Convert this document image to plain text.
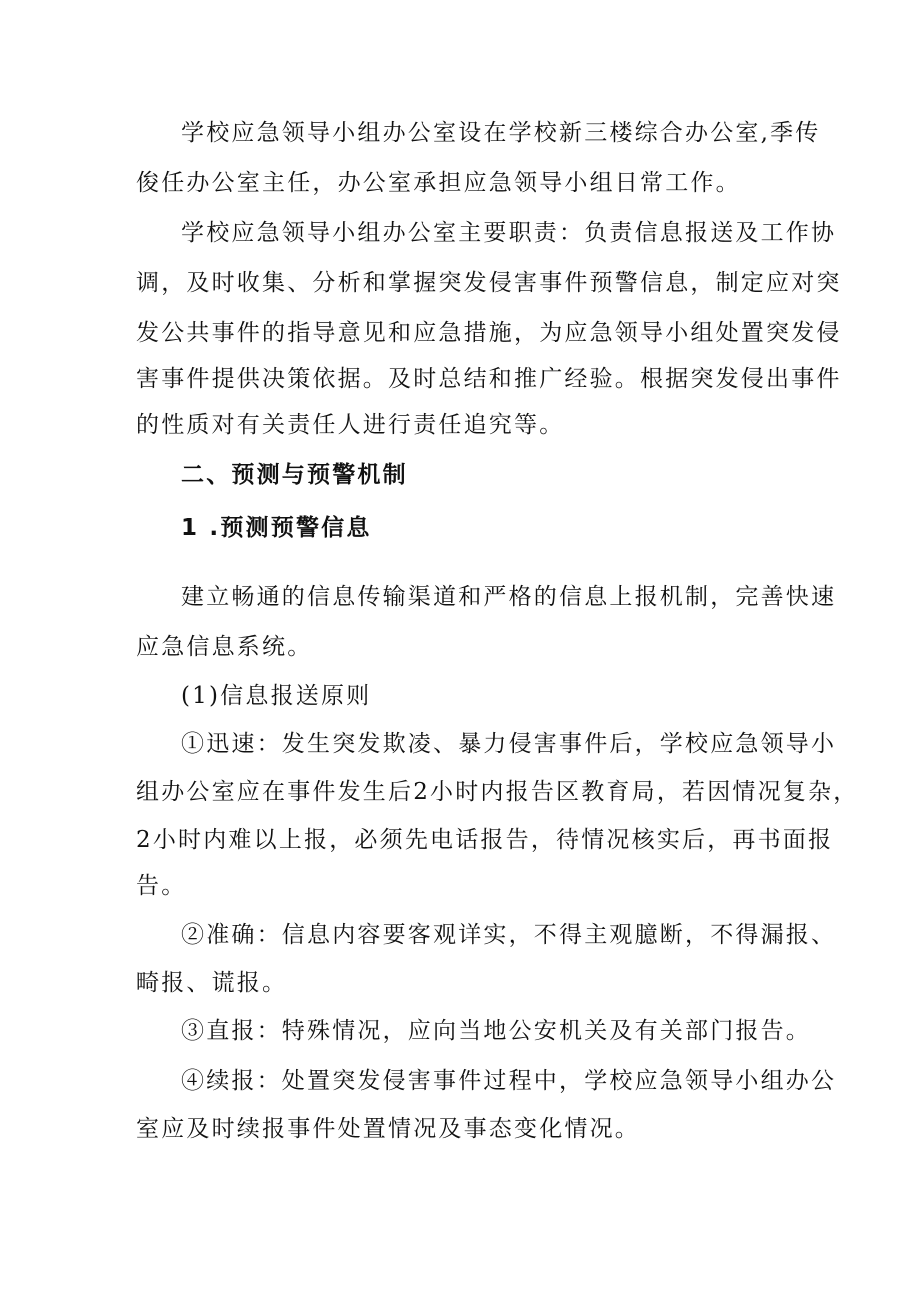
学校应急领导小组办公室设在学校新三楼综合办公室,季传
俊任办公室主任，办公室承担应急领导小组日常工作。
学校应急领导小组办公室主要职责：负责信息报送及工作协
调，及时收集、分析和掌握突发侵害事件预警信息，制定应对突
发公共事件的指导意见和应急措施，为应急领导小组处置突发侵
害事件提供决策依据。及时总结和推广经验。根据突发侵出事件
的性质对有关责任人进行责任追究等。
二、预测与预警机制
1 .预测预警信息
建立畅通的信息传输渠道和严格的信息上报机制，完善快速
应急信息系统。
(1)信息报送原则
①迅速：发生突发欺凌、暴力侵害事件后，学校应急领导小
组办公室应在事件发生后2小时内报告区教育局，若因情况复杂，
2小时内难以上报，必须先电话报告，待情况核实后，再书面报
告。
②准确：信息内容要客观详实，不得主观臆断，不得漏报、
畸报、谎报。
③直报：特殊情况，应向当地公安机关及有关部门报告。
④续报：处置突发侵害事件过程中，学校应急领导小组办公
室应及时续报事件处置情况及事态变化情况。
